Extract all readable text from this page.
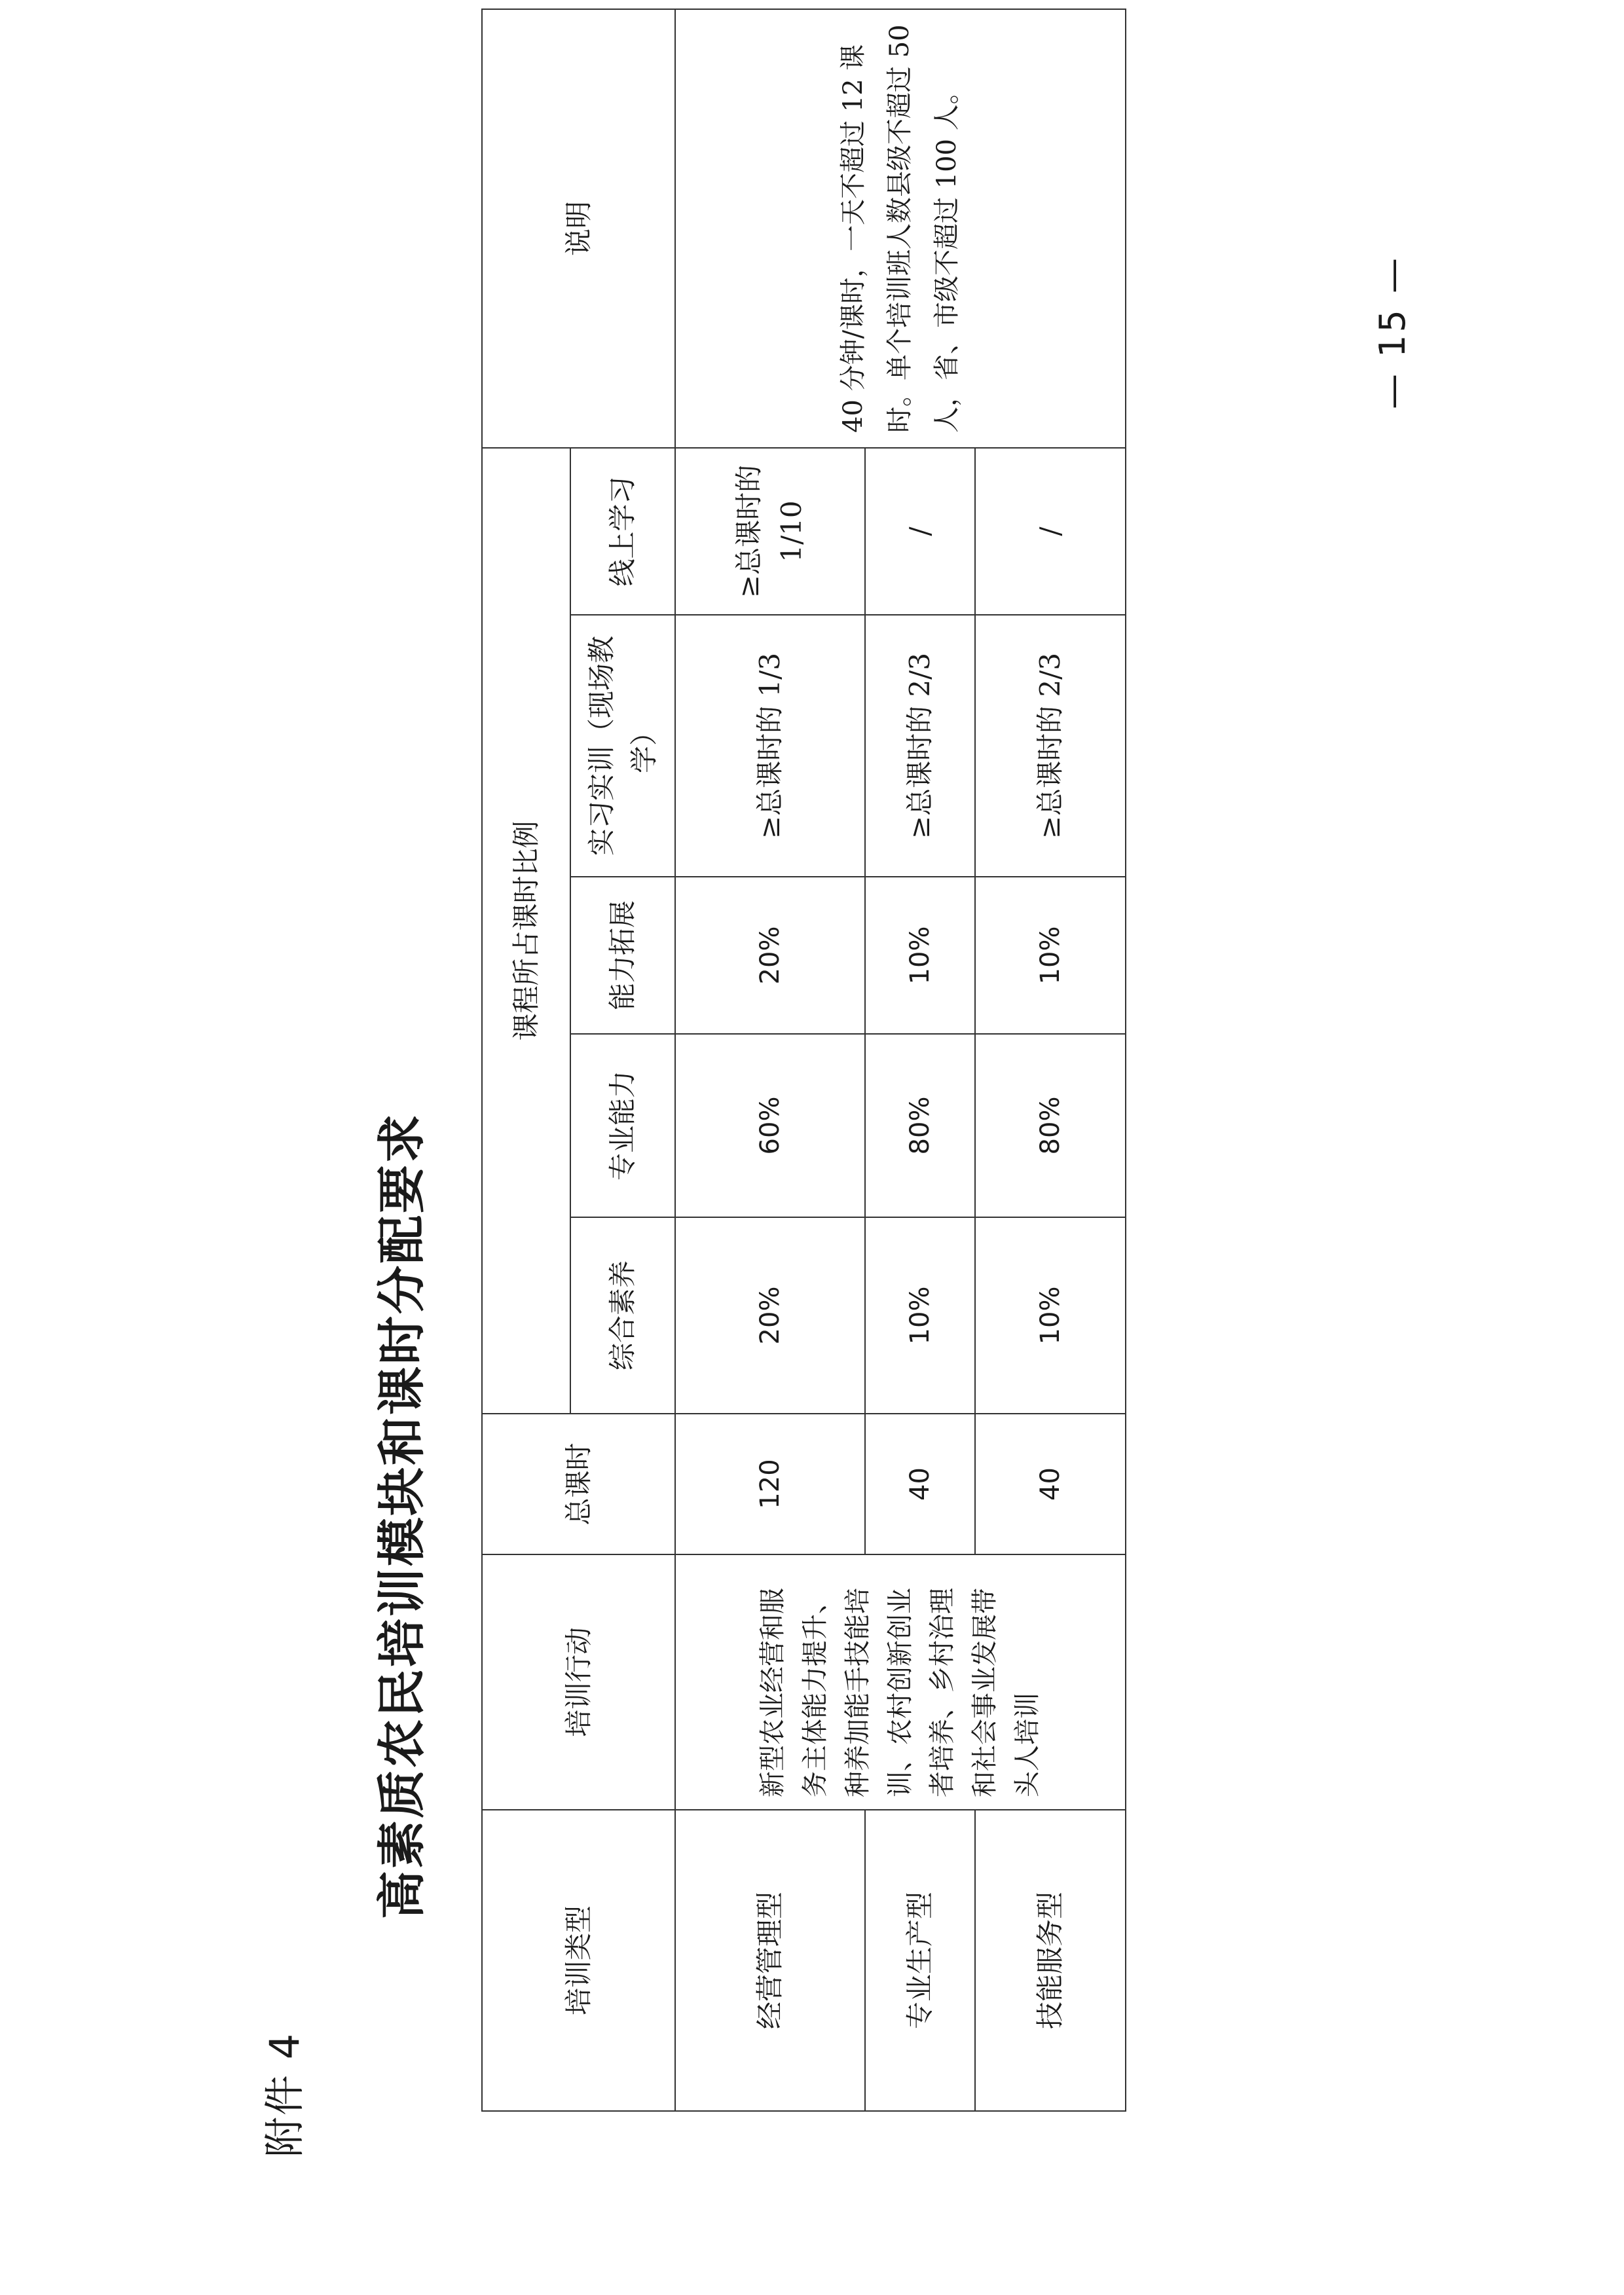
附件 4
高素质农民培训模块和课时分配要求
培训类型	培训行动	总课时	课程所占课时比例					说明
			综合素养	专业能力	能力拓展	实习实训（现场教学）	线上学习	
经营管理型	新型农业经营和服务主体能力提升、种养加能手技能培训、农村创新创业者培养、乡村治理和社会事业发展带头人培训	120	20%	60%	20%	≥总课时的 1/3	≥总课时的 1/10	40 分钟/课时，一天不超过 12 课时。单个培训班人数县级不超过 50 人，省、市级不超过 100 人。
专业生产型		40	10%	80%	10%	≥总课时的 2/3	/	
技能服务型		40	10%	80%	10%	≥总课时的 2/3	/	
— 15 —
